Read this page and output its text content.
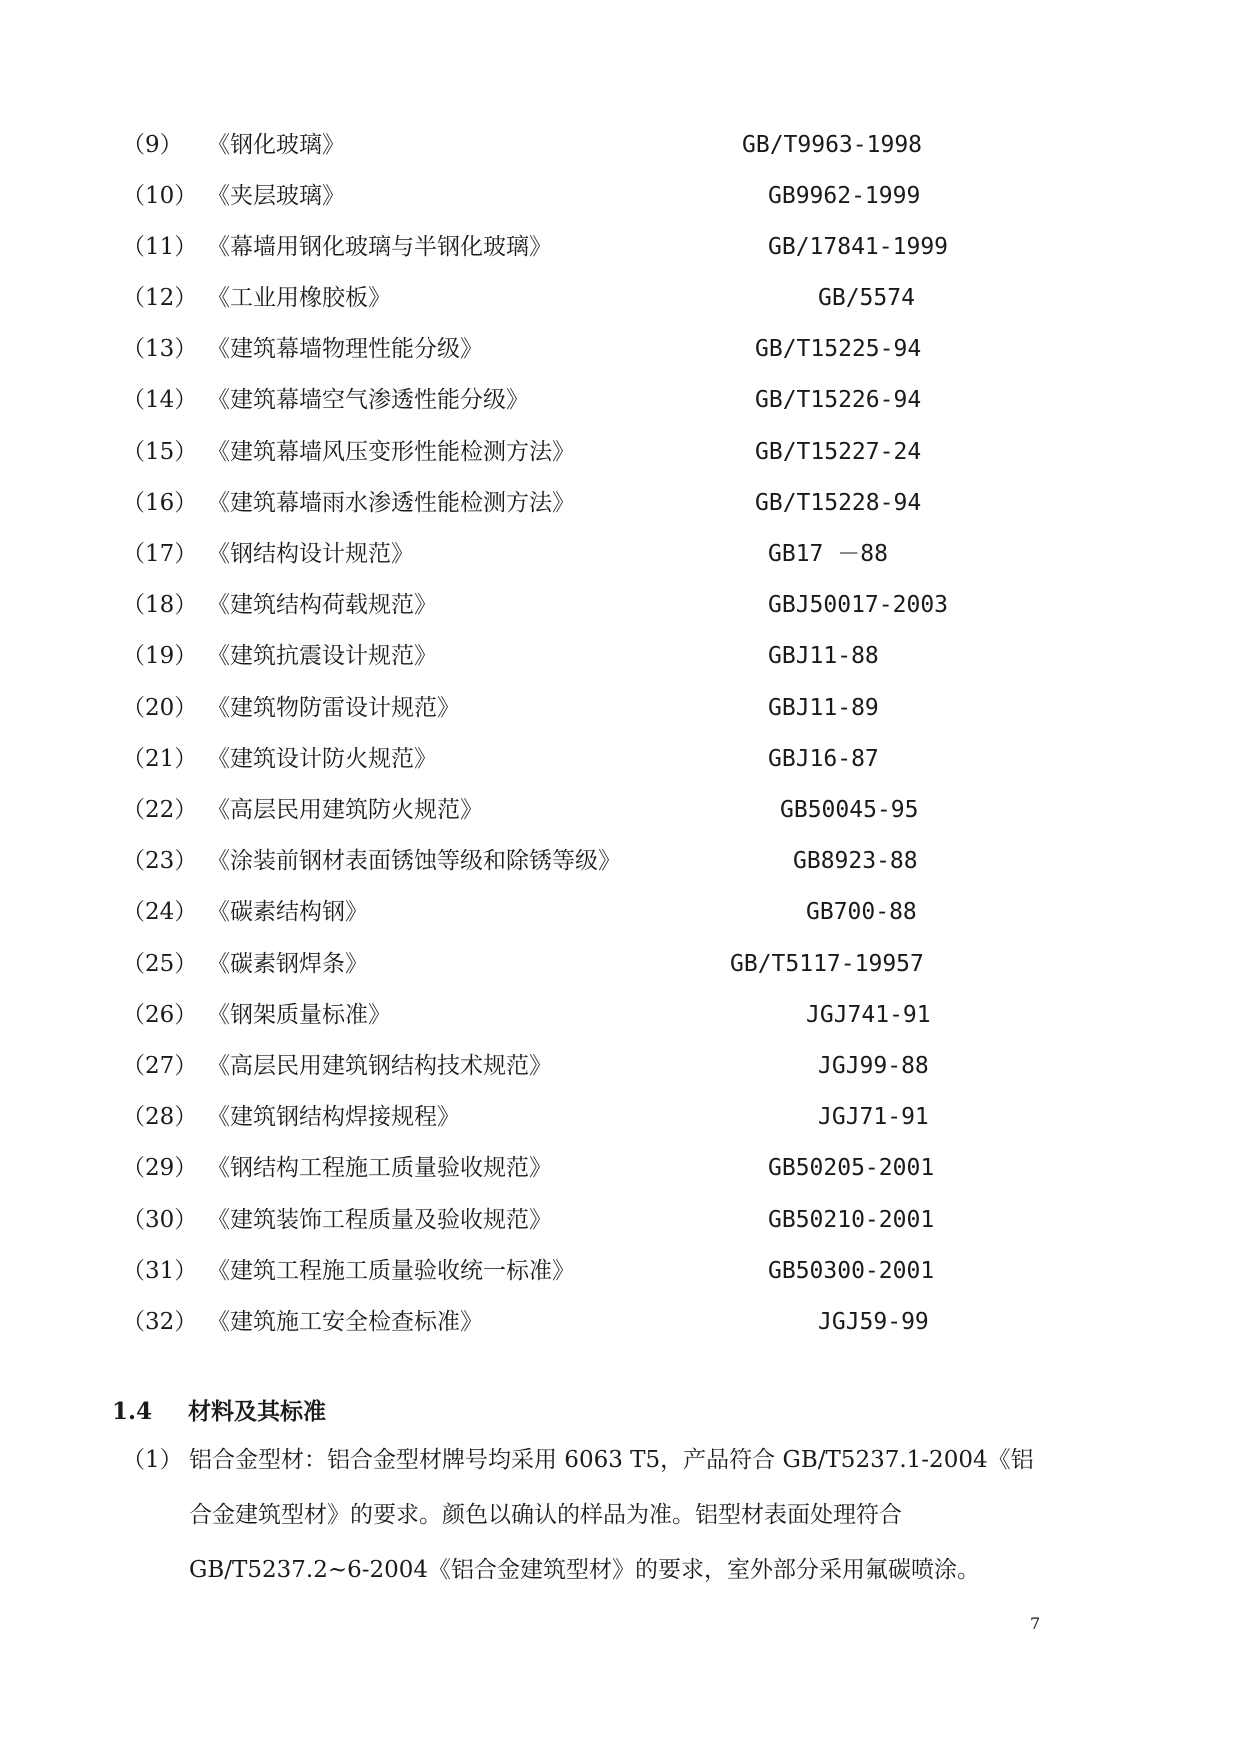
（9） 《钢化玻璃》	GB/T9963-1998
（10） 《夹层玻璃》	GB9962-1999
（11） 《幕墙用钢化玻璃与半钢化玻璃》	GB/17841-1999
（12） 《工业用橡胶板》	GB/5574
（13） 《建筑幕墙物理性能分级》	GB/T15225-94
（14） 《建筑幕墙空气渗透性能分级》	GB/T15226-94
（15） 《建筑幕墙风压变形性能检测方法》	GB/T15227-24
（16） 《建筑幕墙雨水渗透性能检测方法》	GB/T15228-94
（17） 《钢结构设计规范》	GB17 －88
（18） 《建筑结构荷载规范》	GBJ50017-2003
（19） 《建筑抗震设计规范》	GBJ11-88
（20） 《建筑物防雷设计规范》	GBJ11-89
（21） 《建筑设计防火规范》	GBJ16-87
（22） 《高层民用建筑防火规范》	GB50045-95
（23） 《涂装前钢材表面锈蚀等级和除锈等级》	GB8923-88
（24） 《碳素结构钢》	GB700-88
（25） 《碳素钢焊条》	GB/T5117-19957
（26） 《钢架质量标准》	JGJ741-91
（27） 《高层民用建筑钢结构技术规范》	JGJ99-88
（28） 《建筑钢结构焊接规程》	JGJ71-91
（29） 《钢结构工程施工质量验收规范》	GB50205-2001
（30） 《建筑装饰工程质量及验收规范》	GB50210-2001
（31） 《建筑工程施工质量验收统一标准》	GB50300-2001
（32） 《建筑施工安全检查标准》	JGJ59-99
1.4 材料及其标准
（1） 铝合金型材：铝合金型材牌号均采用 6063 T5，产品符合 GB/T5237.1-2004《铝
合金建筑型材》的要求。颜色以确认的样品为准。铝型材表面处理符合
GB/T5237.2~6-2004《铝合金建筑型材》的要求，室外部分采用氟碳喷涂。
7
